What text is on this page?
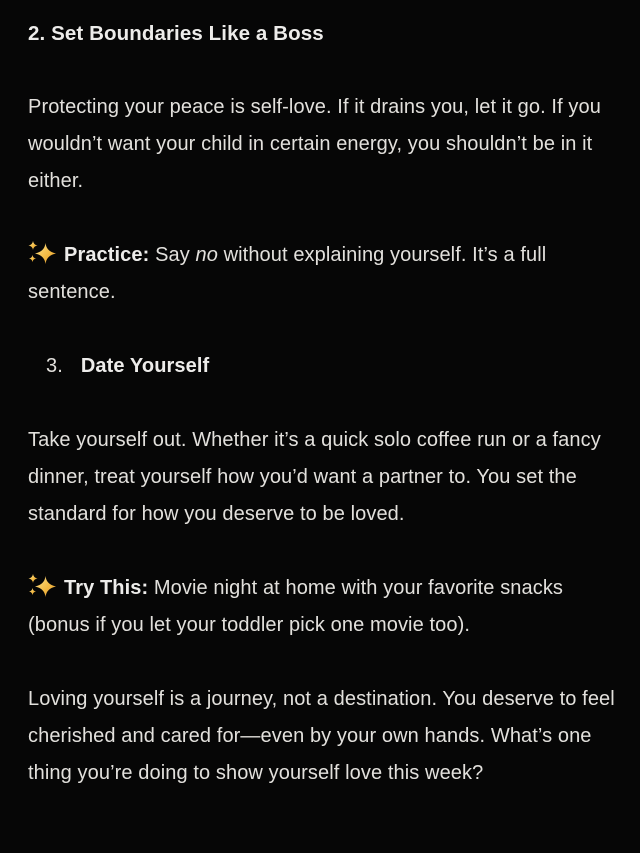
2. Set Boundaries Like a Boss

Protecting your peace is self-love. If it drains you, let it go. If you wouldn’t want your child in certain energy, you shouldn’t be in it either.

Practice: Say no without explaining yourself. It’s a full sentence.

3. Date Yourself

Take yourself out. Whether it’s a quick solo coffee run or a fancy dinner, treat yourself how you’d want a partner to. You set the standard for how you deserve to be loved.

Try This: Movie night at home with your favorite snacks (bonus if you let your toddler pick one movie too).

Loving yourself is a journey, not a destination. You deserve to feel cherished and cared for—even by your own hands. What’s one thing you’re doing to show yourself love this week?
